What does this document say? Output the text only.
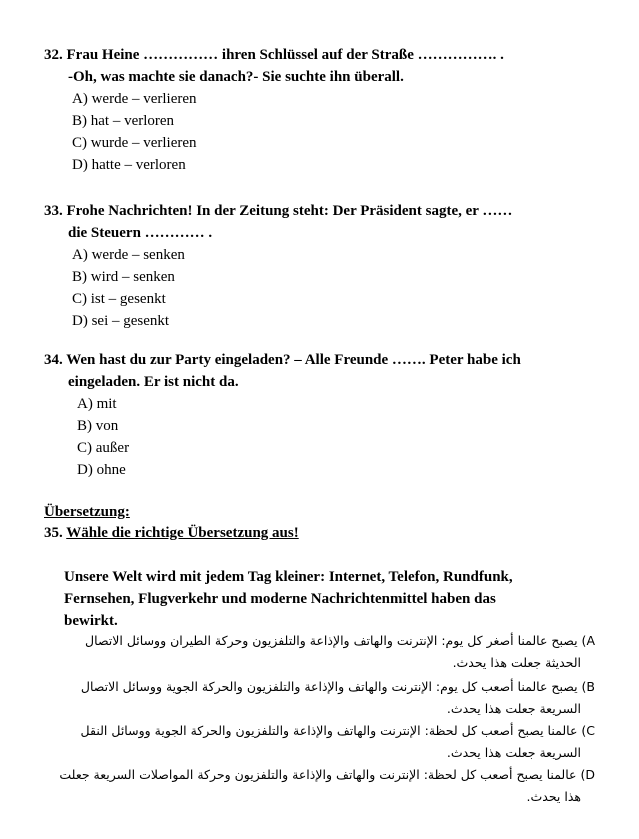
32. Frau Heine …………… ihren Schlüssel auf der Straße ……………. .

-Oh, was machte sie danach?- Sie suchte ihn überall.

A) werde – verlieren

B) hat – verloren

C) wurde – verlieren

D) hatte – verloren

33. Frohe Nachrichten! In der Zeitung steht: Der Präsident sagte, er ……

die Steuern ………… .

A) werde – senken

B) wird – senken

C) ist – gesenkt

D) sei – gesenkt

34. Wen hast du zur Party eingeladen? – Alle Freunde ……. Peter habe ich

eingeladen. Er ist nicht da.

A) mit

B) von

C) außer

D) ohne

Übersetzung:

35. Wähle die richtige Übersetzung aus!

Unsere Welt wird mit jedem Tag kleiner: Internet, Telefon, Rundfunk,

Fernsehen, Flugverkehr und moderne Nachrichtenmittel haben das

bewirkt.

A) يصبح عالمنا أصغر كل يوم: الإنترنت والهاتف والإذاعة والتلفزيون وحركة الطيران ووسائل الاتصال

الحديثة جعلت هذا يحدث.

B) يصبح عالمنا أصعب كل يوم: الإنترنت والهاتف والإذاعة والتلفزيون والحركة الجوية ووسائل الاتصال

السريعة جعلت هذا يحدث.

C) عالمنا يصبح أصعب كل لحظة: الإنترنت والهاتف والإذاعة والتلفزيون والحركة الجوية ووسائل النقل

السريعة جعلت هذا يحدث.

D) عالمنا يصبح أصعب كل لحظة: الإنترنت والهاتف والإذاعة والتلفزيون وحركة المواصلات السريعة جعلت

هذا يحدث.
